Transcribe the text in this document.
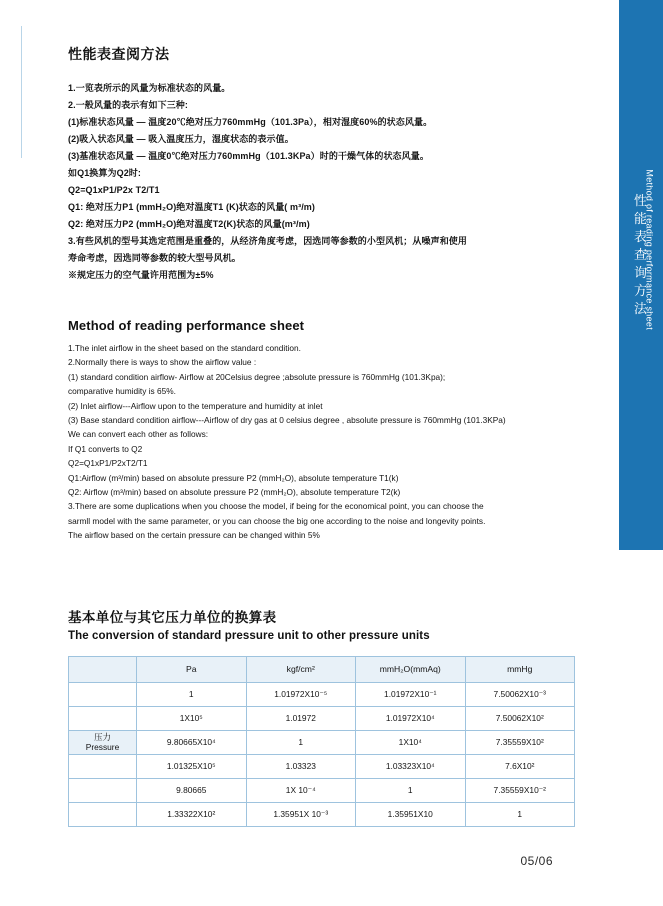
性能表查阅方法

1.一览表所示的风量为标准状态的风量。

2.一般风量的表示有如下三种:

(1)标准状态风量 — 温度20℃绝对压力760mmHg（101.3Pa），相对湿度60%的状态风量。

(2)吸入状态风量 — 吸入温度压力，湿度状态的表示值。

(3)基准状态风量 — 温度0℃绝对压力760mmHg（101.3KPa）时的干燥气体的状态风量。

如Q1换算为Q2时:

Q2=Q1xP1/P2x T2/T1

Q1: 绝对压力P1 (mmH₂O)绝对温度T1 (K)状态的风量( m³/m)

Q2: 绝对压力P2 (mmH₂O)绝对温度T2(K)状态的风量(m³/m)

3.有些风机的型号其选定范围是重叠的，从经济角度考虑，因选同等参数的小型风机；从噪声和使用

寿命考虑，因选同等参数的较大型号风机。

※规定压力的空气量许用范围为±5%

Method of reading performance sheet

1.The inlet airflow in the sheet based on the standard condition.

2.Normally there is ways to show the airflow value :

(1) standard condition airflow- Airflow at 20Celsius degree ;absolute pressure is 760mmHg (101.3Kpa);

comparative humidity is 65%.

(2) Inlet airflow---Airflow upon to the temperature and humidity at inlet

(3) Base standard condition airflow---Airflow of dry gas at 0 celsius degree , absolute pressure is 760mmHg (101.3KPa)

We can convert each other as follows:

If Q1 converts to Q2

Q2=Q1xP1/P2xT2/T1

Q1:Airflow (m³/min) based on absolute pressure P2 (mmH₂O), absolute temperature T1(k)

Q2: Airflow (m³/min) based on absolute pressure P2 (mmH₂O), absolute temperature T2(k)

3.There are some duplications when you choose the model, if being for the economical point, you can choose the

sarmll model with the same parameter, or you can choose the big one according to the noise and longevity points.

The airflow based on the certain pressure can be changed within 5%

基本单位与其它压力单位的换算表
The conversion of standard pressure unit to other pressure units
	Pa	kgf/cm²	mmH₂O(mmAq)	mmHg
	1	1.01972X10⁻⁵	1.01972X10⁻¹	7.50062X10⁻³
	1X10⁵	1.01972	1.01972X10⁴	7.50062X10²

压力
Pressure	9.80665X10⁴	1	1X10⁴	7.35559X10²
	1.01325X10⁵	1.03323	1.03323X10⁴	7.6X10²
	9.80665	1X 10⁻⁴	1	7.35559X10⁻²
	1.33322X10²	1.35951X 10⁻³	1.35951X10	1
05/06
性能表查询方法
Method of reading performance sheet
